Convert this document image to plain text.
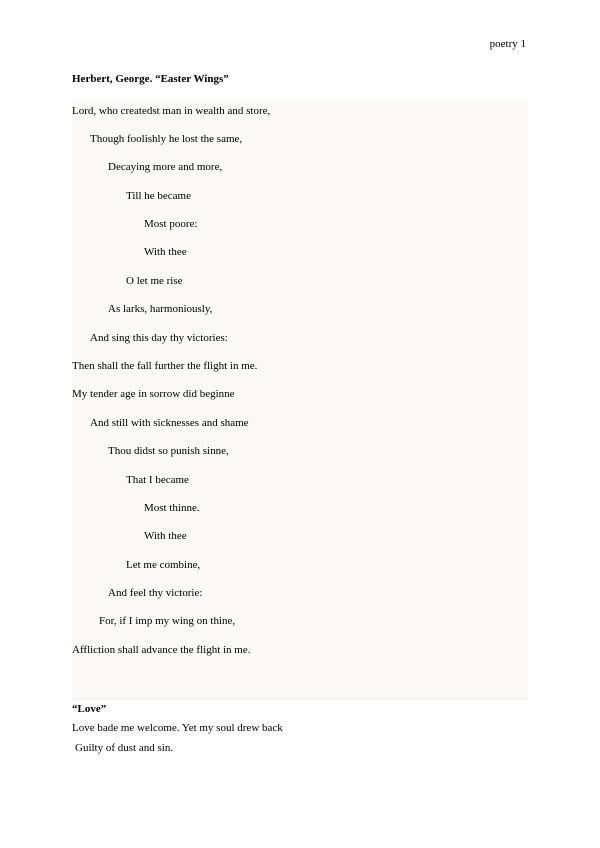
poetry 1
Herbert, George. “Easter Wings”
Lord, who createdst man in wealth and store,
Though foolishly he lost the same,
Decaying more and more,
Till he became
Most poore:
With thee
O let me rise
As larks, harmoniously,
And sing this day thy victories:
Then shall the fall further the flight in me.
My tender age in sorrow did beginne
And still with sicknesses and shame
Thou didst so punish sinne,
That I became
Most thinne.
With thee
Let me combine,
And feel thy victorie:
For, if I imp my wing on thine,
Affliction shall advance the flight in me.
“Love”
Love bade me welcome. Yet my soul drew back
Guilty of dust and sin.
